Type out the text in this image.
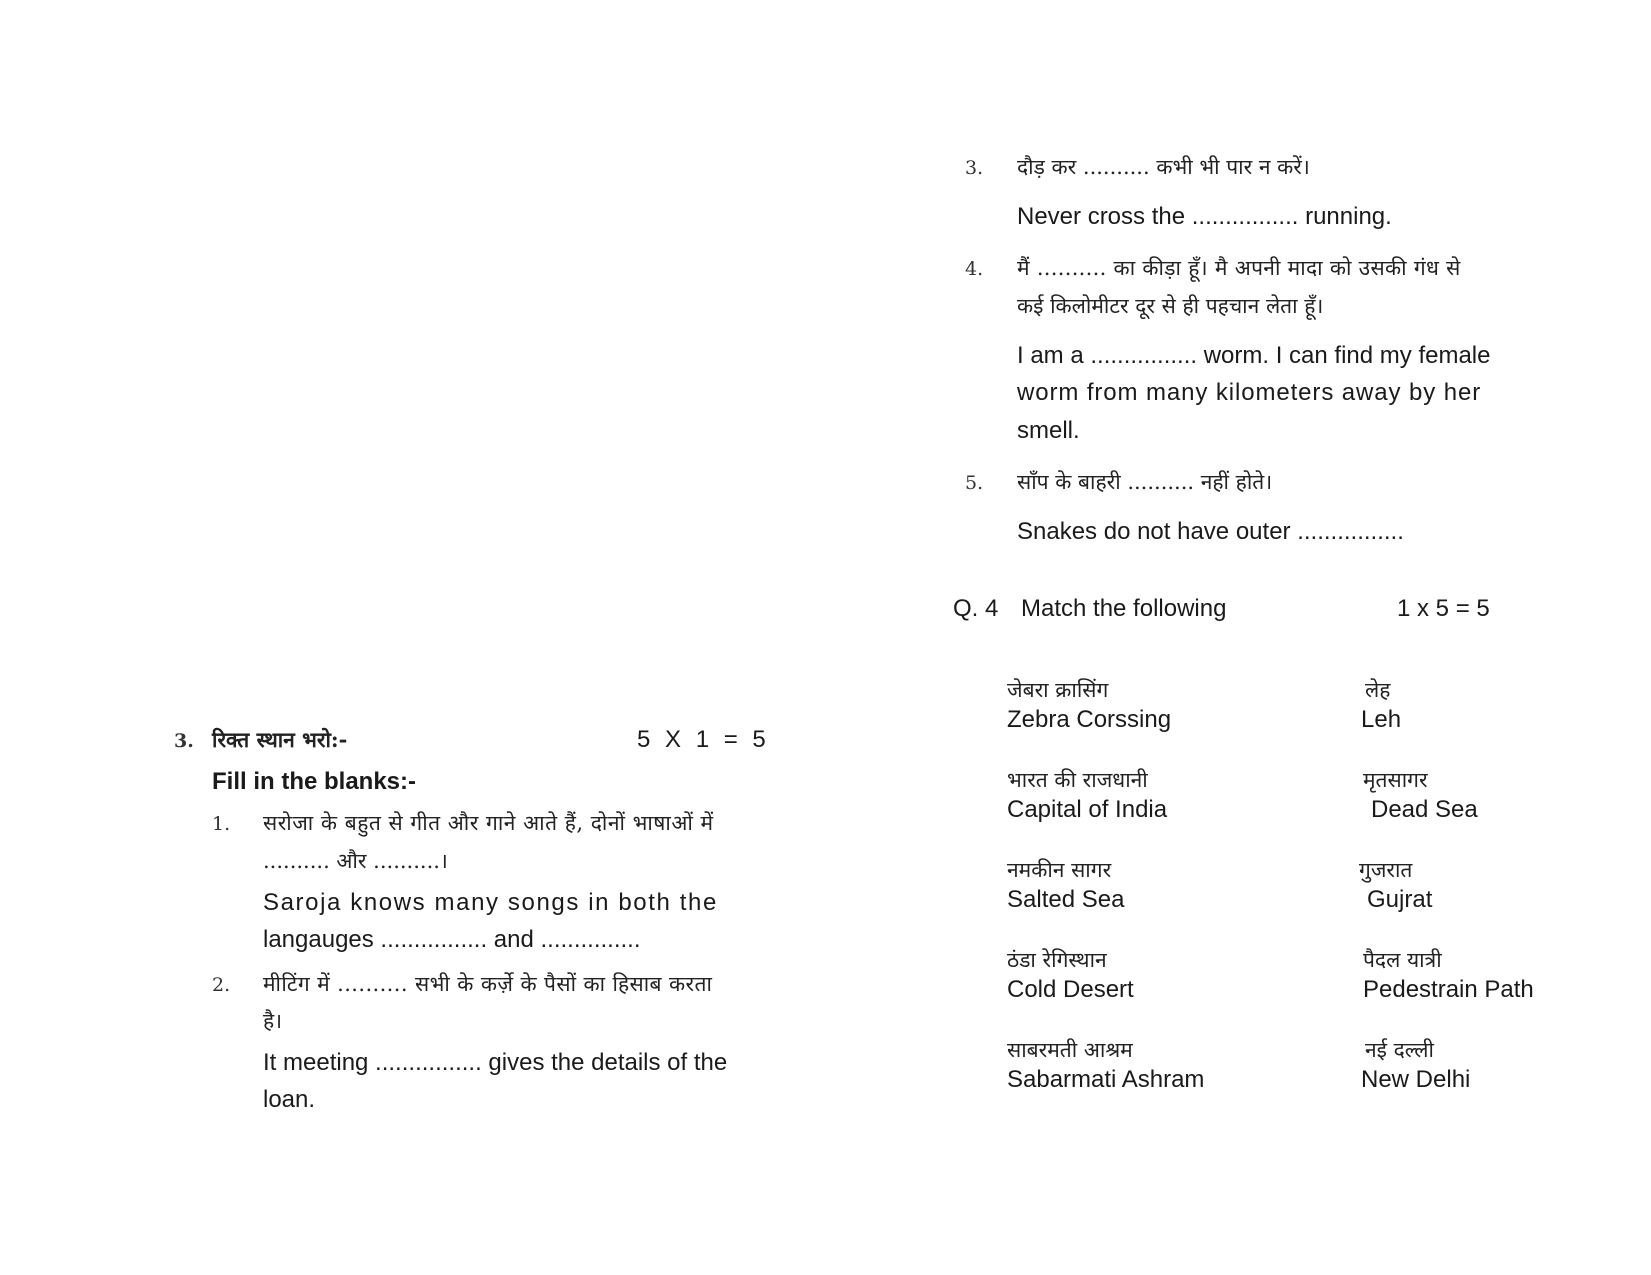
3. रिक्त स्थान भरो:-	5 X 1 = 5
Fill in the blanks:-
1. सरोजा के बहुत से गीत और गाने आते हैं, दोनों भाषाओं में
.......... और ..........।
Saroja knows many songs in both the
langauges ................ and ...............
2. मीटिंग में .......... सभी के कर्ज़े के पैसों का हिसाब करता
है।
It meeting ................ gives the details of the
loan.
3. दौड़ कर .......... कभी भी पार न करें।
Never cross the ................ running.
4. मैं .......... का कीड़ा हूँ। मै अपनी मादा को उसकी गंध से
कई किलोमीटर दूर से ही पहचान लेता हूँ।
I am a ................ worm. I can find my female
worm from many kilometers away by her
smell.
5. साँप के बाहरी .......... नहीं होते।
Snakes do not have outer ................
Q. 4 Match the following	1 x 5 = 5
जेबरा क्रासिंग
Zebra Corssing
लेह
Leh
भारत की राजधानी
Capital of India
मृतसागर
Dead Sea
नमकीन सागर
Salted Sea
गुजरात
Gujrat
ठंडा रेगिस्थान
Cold Desert
पैदल यात्री
Pedestrain Path
साबरमती आश्रम
Sabarmati Ashram
नई दल्ली
New Delhi
